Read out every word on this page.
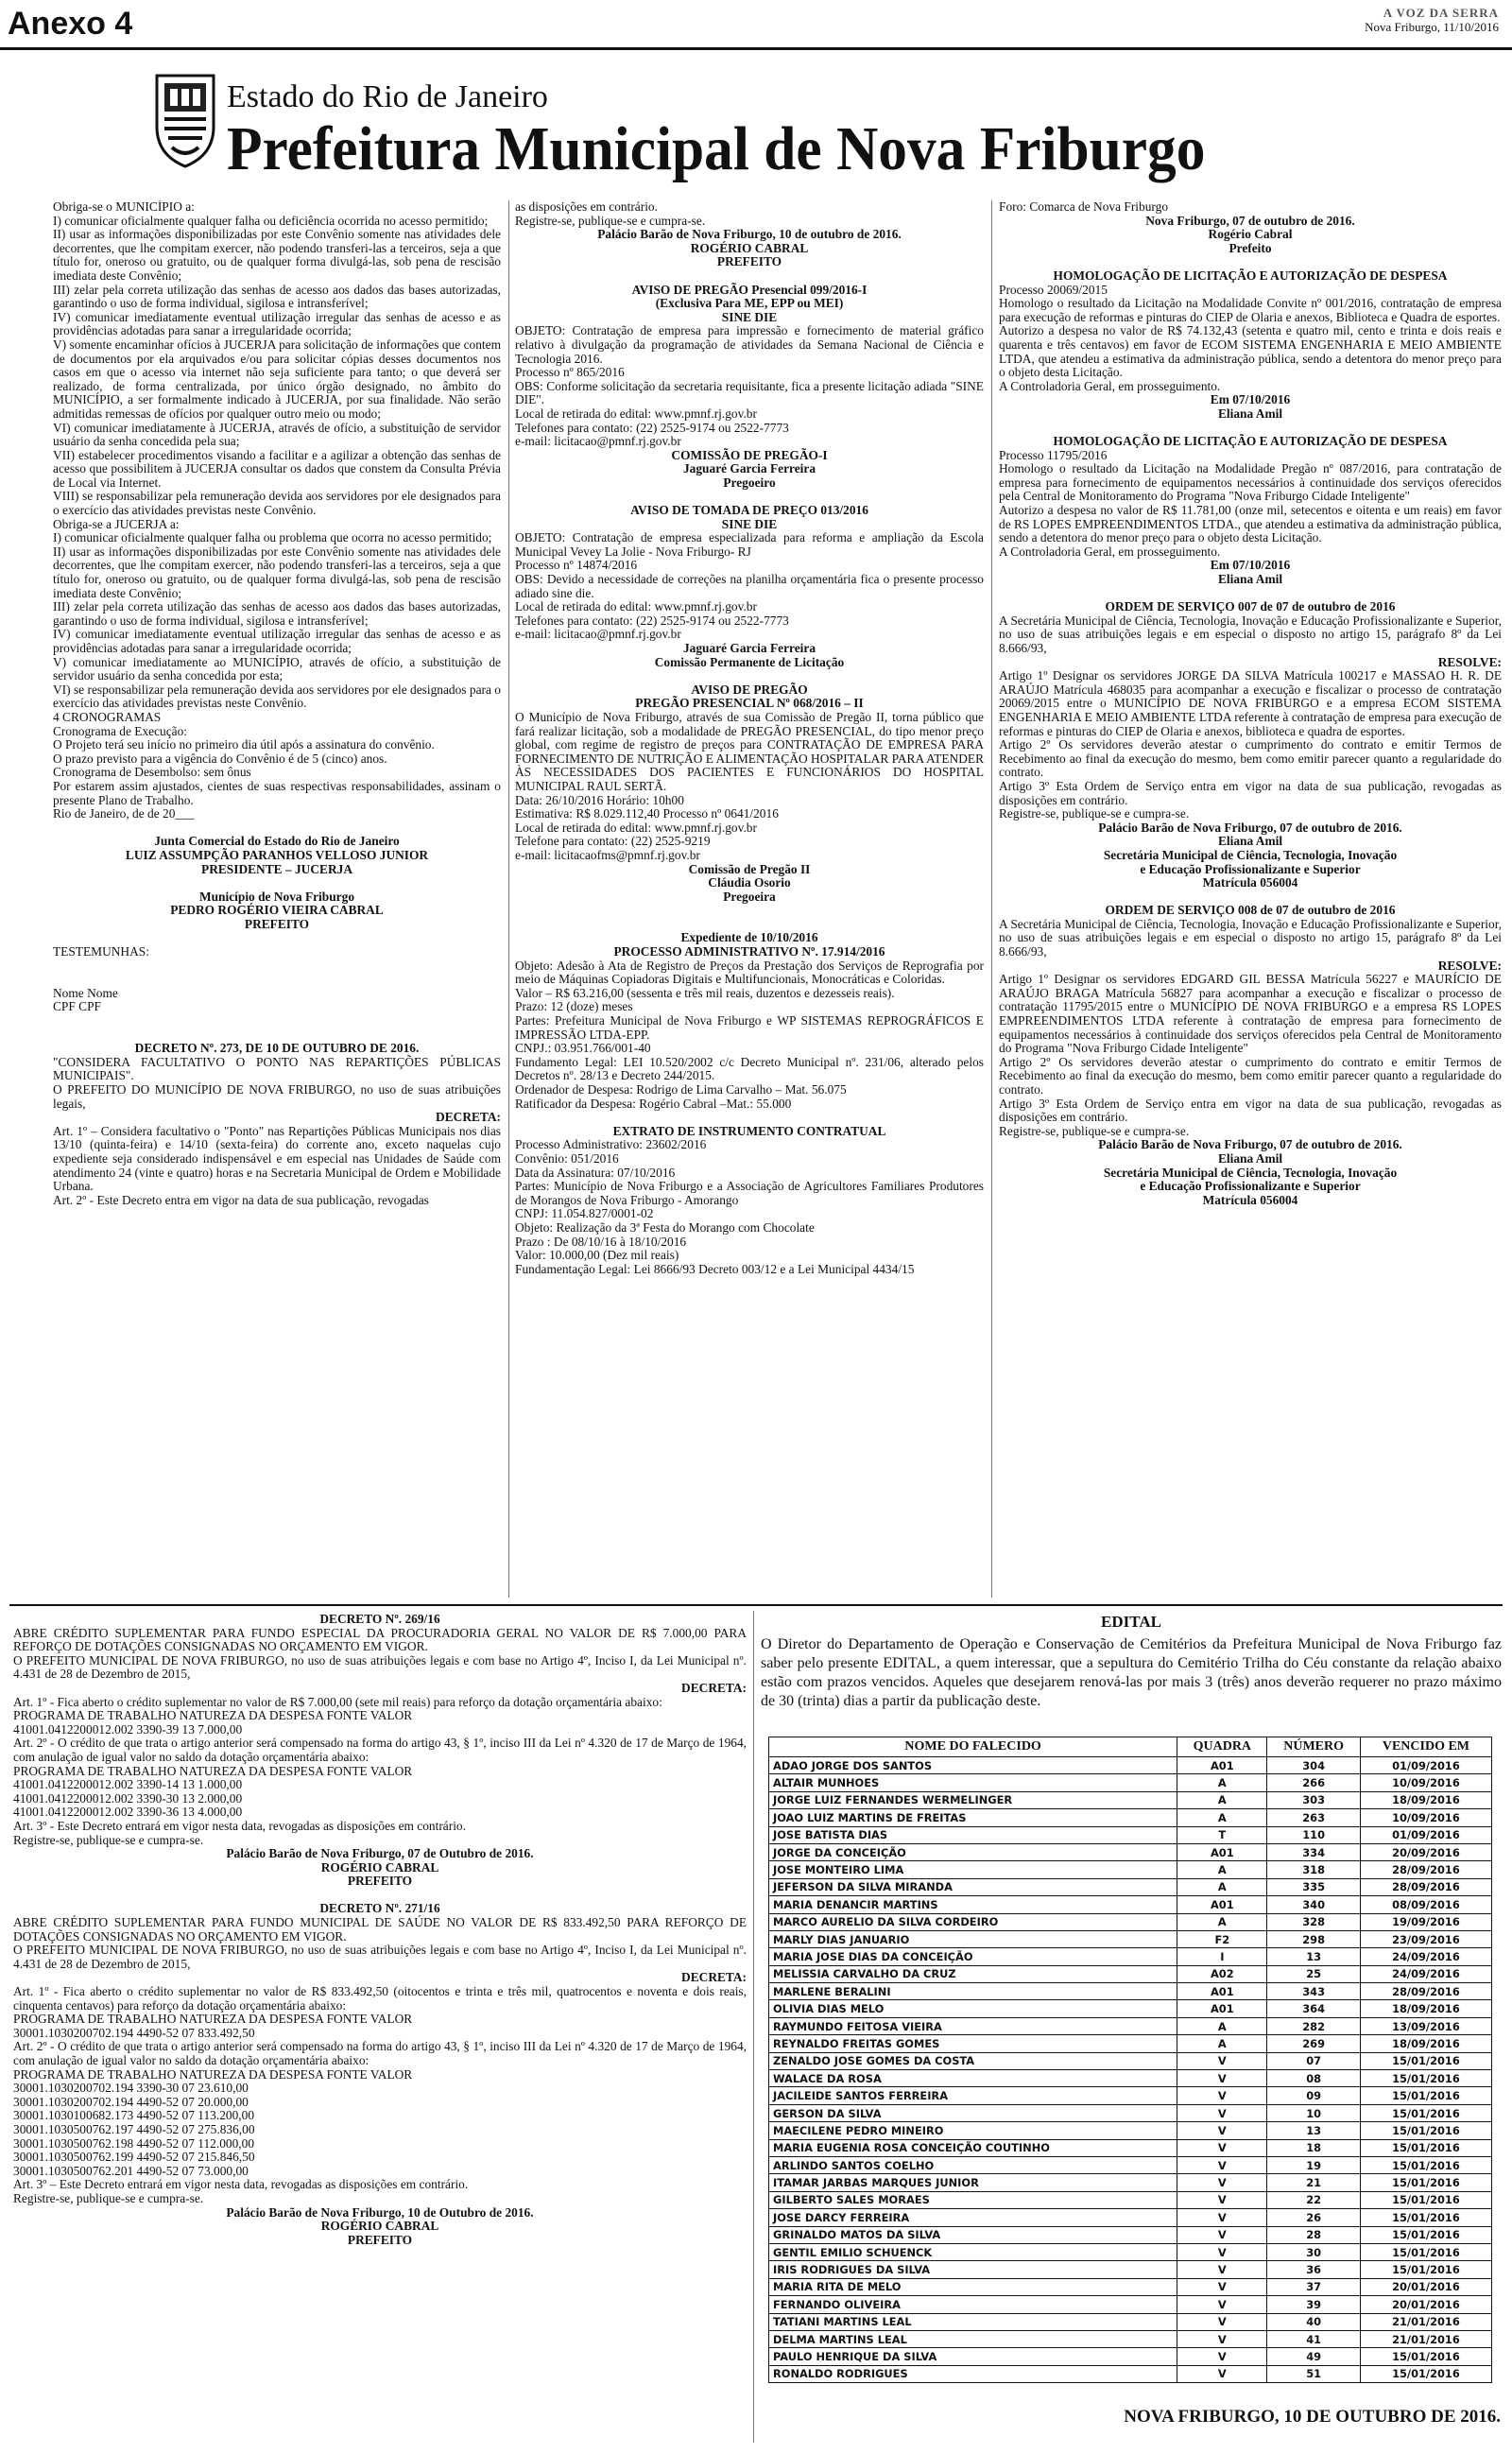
Anexo 4	A VOZ DA SERRA
Nova Friburgo, 11/10/2016
Estado do Rio de Janeiro
Prefeitura Municipal de Nova Friburgo
Obriga-se o MUNICÍPIO a:
I) comunicar oficialmente qualquer falha ou deficiência ocorrida no acesso permitido;
II) usar as informações disponibilizadas por este Convênio somente nas atividades dele decorrentes, que lhe compitam exercer, não podendo transferi-las a terceiros, seja a que título for, oneroso ou gratuito, ou de qualquer forma divulgá-las, sob pena de rescisão imediata deste Convênio;
III) zelar pela correta utilização das senhas de acesso aos dados das bases autorizadas, garantindo o uso de forma individual, sigilosa e intransferível;
IV) comunicar imediatamente eventual utilização irregular das senhas de acesso e as providências adotadas para sanar a irregularidade ocorrida;
V) somente encaminhar ofícios à JUCERJA para solicitação de informações que contem de documentos por ela arquivados e/ou para solicitar cópias desses documentos nos casos em que o acesso via internet não seja suficiente para tanto; o que deverá ser realizado, de forma centralizada, por único órgão designado, no âmbito do MUNICÍPIO, a ser formalmente indicado à JUCERJA, por sua finalidade. Não serão admitidas remessas de ofícios por qualquer outro meio ou modo;
VI) comunicar imediatamente à JUCERJA, através de ofício, a substituição de servidor usuário da senha concedida pela sua;
VII) estabelecer procedimentos visando a facilitar e a agilizar a obtenção das senhas de acesso que possibilitem à JUCERJA consultar os dados que constem da Consulta Prévia de Local via Internet.
VIII) se responsabilizar pela remuneração devida aos servidores por ele designados para o exercício das atividades previstas neste Convênio.
Obriga-se a JUCERJA a:
I) comunicar oficialmente qualquer falha ou problema que ocorra no acesso permitido;
II) usar as informações disponibilizadas por este Convênio somente nas atividades dele decorrentes, que lhe compitam exercer, não podendo transferi-las a terceiros, seja a que título for, oneroso ou gratuito, ou de qualquer forma divulgá-las, sob pena de rescisão imediata deste Convênio;
III) zelar pela correta utilização das senhas de acesso aos dados das bases autorizadas, garantindo o uso de forma individual, sigilosa e intransferível;
IV) comunicar imediatamente eventual utilização irregular das senhas de acesso e as providências adotadas para sanar a irregularidade ocorrida;
V) comunicar imediatamente ao MUNICÍPIO, através de ofício, a substituição de servidor usuário da senha concedida por esta;
VI) se responsabilizar pela remuneração devida aos servidores por ele designados para o exercício das atividades previstas neste Convênio.
4 CRONOGRAMAS
Cronograma de Execução:
O Projeto terá seu início no primeiro dia útil após a assinatura do convênio.
O prazo previsto para a vigência do Convênio é de 5 (cinco) anos.
Cronograma de Desembolso: sem ônus
Por estarem assim ajustados, cientes de suas respectivas responsabilidades, assinam o presente Plano de Trabalho.
Rio de Janeiro, de de 20___
Junta Comercial do Estado do Rio de Janeiro
LUIZ ASSUMPÇÃO PARANHOS VELLOSO JUNIOR
PRESIDENTE – JUCERJA
Município de Nova Friburgo
PEDRO ROGÉRIO VIEIRA CABRAL
PREFEITO
TESTEMUNHAS:
Nome Nome
CPF CPF
DECRETO Nº. 273, DE 10 DE OUTUBRO DE 2016.
"CONSIDERA FACULTATIVO O PONTO NAS REPARTIÇÕES PÚBLICAS MUNICIPAIS".
O PREFEITO DO MUNICÍPIO DE NOVA FRIBURGO, no uso de suas atribuições legais,
DECRETA:
Art. 1º – Considera facultativo o "Ponto" nas Repartições Públicas Municipais nos dias 13/10 (quinta-feira) e 14/10 (sexta-feira) do corrente ano, exceto naquelas cujo expediente seja considerado indispensável e em especial nas Unidades de Saúde com atendimento 24 (vinte e quatro) horas e na Secretaria Municipal de Ordem e Mobilidade Urbana.
Art. 2º - Este Decreto entra em vigor na data de sua publicação, revogadas
as disposições em contrário.
Registre-se, publique-se e cumpra-se.
Palácio Barão de Nova Friburgo, 10 de outubro de 2016.
ROGÉRIO CABRAL
PREFEITO
AVISO DE PREGÃO Presencial 099/2016-I
(Exclusiva Para ME, EPP ou MEI)
SINE DIE
OBJETO: Contratação de empresa para impressão e fornecimento de material gráfico relativo à divulgação da programação de atividades da Semana Nacional de Ciência e Tecnologia 2016.
Processo nº 865/2016
OBS: Conforme solicitação da secretaria requisitante, fica a presente licitação adiada "SINE DIE".
Local de retirada do edital: www.pmnf.rj.gov.br
Telefones para contato: (22) 2525-9174 ou 2522-7773
e-mail: licitacao@pmnf.rj.gov.br
COMISSÃO DE PREGÃO-I
Jaguaré Garcia Ferreira
Pregoeiro
AVISO DE TOMADA DE PREÇO 013/2016
SINE DIE
OBJETO: Contratação de empresa especializada para reforma e ampliação da Escola Municipal Vevey La Jolie - Nova Friburgo- RJ
Processo nº 14874/2016
OBS: Devido a necessidade de correções na planilha orçamentária fica o presente processo adiado sine die.
Local de retirada do edital: www.pmnf.rj.gov.br
Telefones para contato: (22) 2525-9174 ou 2522-7773
e-mail: licitacao@pmnf.rj.gov.br
Jaguaré Garcia Ferreira
Comissão Permanente de Licitação
AVISO DE PREGÃO
PREGÃO PRESENCIAL Nº 068/2016 – II
O Município de Nova Friburgo, através de sua Comissão de Pregão II, torna público que fará realizar licitação, sob a modalidade de PREGÃO PRESENCIAL, do tipo menor preço global, com regime de registro de preços para CONTRATAÇÃO DE EMPRESA PARA FORNECIMENTO DE NUTRIÇÃO E ALIMENTAÇÃO HOSPITALAR PARA ATENDER ÀS NECESSIDADES DOS PACIENTES E FUNCIONÁRIOS DO HOSPITAL MUNICIPAL RAUL SERTÃ.
Data: 26/10/2016 Horário: 10h00
Estimativa: R$ 8.029.112,40 Processo nº 0641/2016
Local de retirada do edital: www.pmnf.rj.gov.br
Telefone para contato: (22) 2525-9219
e-mail: licitacaofms@pmnf.rj.gov.br
Comissão de Pregão II
Cláudia Osorio
Pregoeira
Expediente de 10/10/2016
PROCESSO ADMINISTRATIVO Nº. 17.914/2016
Objeto: Adesão à Ata de Registro de Preços da Prestação dos Serviços de Reprografia por meio de Máquinas Copiadoras Digitais e Multifuncionais, Monocráticas e Coloridas.
Valor – R$ 63.216,00 (sessenta e três mil reais, duzentos e dezesseis reais).
Prazo: 12 (doze) meses
Partes: Prefeitura Municipal de Nova Friburgo e WP SISTEMAS REPROGRÁFICOS E IMPRESSÃO LTDA-EPP.
CNPJ.: 03.951.766/001-40
Fundamento Legal: LEI 10.520/2002 c/c Decreto Municipal nº. 231/06, alterado pelos Decretos nº. 28/13 e Decreto 244/2015.
Ordenador de Despesa: Rodrigo de Lima Carvalho – Mat. 56.075
Ratificador da Despesa: Rogério Cabral –Mat.: 55.000
EXTRATO DE INSTRUMENTO CONTRATUAL
Processo Administrativo: 23602/2016
Convênio: 051/2016
Data da Assinatura: 07/10/2016
Partes: Município de Nova Friburgo e a Associação de Agricultores Familiares Produtores de Morangos de Nova Friburgo - Amorango
CNPJ: 11.054.827/0001-02
Objeto: Realização da 3ª Festa do Morango com Chocolate
Prazo : De 08/10/16 à 18/10/2016
Valor: 10.000,00 (Dez mil reais)
Fundamentação Legal: Lei 8666/93 Decreto 003/12 e a Lei Municipal 4434/15
Foro: Comarca de Nova Friburgo
Nova Friburgo, 07 de outubro de 2016.
Rogério Cabral
Prefeito
HOMOLOGAÇÃO DE LICITAÇÃO E AUTORIZAÇÃO DE DESPESA
Processo 20069/2015
Homologo o resultado da Licitação na Modalidade Convite nº 001/2016, contratação de empresa para execução de reformas e pinturas do CIEP de Olaria e anexos, Biblioteca e Quadra de esportes.
Autorizo a despesa no valor de R$ 74.132,43 (setenta e quatro mil, cento e trinta e dois reais e quarenta e três centavos) em favor de ECOM SISTEMA ENGENHARIA E MEIO AMBIENTE LTDA, que atendeu a estimativa da administração pública, sendo a detentora do menor preço para o objeto desta Licitação.
A Controladoria Geral, em prosseguimento.
Em 07/10/2016
Eliana Amil
HOMOLOGAÇÃO DE LICITAÇÃO E AUTORIZAÇÃO DE DESPESA
Processo 11795/2016
Homologo o resultado da Licitação na Modalidade Pregão nº 087/2016, para contratação de empresa para fornecimento de equipamentos necessários à continuidade dos serviços oferecidos pela Central de Monitoramento do Programa "Nova Friburgo Cidade Inteligente"
Autorizo a despesa no valor de R$ 11.781,00 (onze mil, setecentos e oitenta e um reais) em favor de RS LOPES EMPREENDIMENTOS LTDA., que atendeu a estimativa da administração pública, sendo a detentora do menor preço para o objeto desta Licitação.
A Controladoria Geral, em prosseguimento.
Em 07/10/2016
Eliana Amil
ORDEM DE SERVIÇO 007 de 07 de outubro de 2016
A Secretária Municipal de Ciência, Tecnologia, Inovação e Educação Profissionalizante e Superior, no uso de suas atribuições legais e em especial o disposto no artigo 15, parágrafo 8º da Lei 8.666/93,
RESOLVE:
Artigo 1º Designar os servidores JORGE DA SILVA Matrícula 100217 e MASSAO H. R. DE ARAÚJO Matrícula 468035 para acompanhar a execução e fiscalizar o processo de contratação 20069/2015 entre o MUNICÍPIO DE NOVA FRIBURGO e a empresa ECOM SISTEMA ENGENHARIA E MEIO AMBIENTE LTDA referente à contratação de empresa para execução de reformas e pinturas do CIEP de Olaria e anexos, biblioteca e quadra de esportes.
Artigo 2º Os servidores deverão atestar o cumprimento do contrato e emitir Termos de Recebimento ao final da execução do mesmo, bem como emitir parecer quanto a regularidade do contrato.
Artigo 3º Esta Ordem de Serviço entra em vigor na data de sua publicação, revogadas as disposições em contrário.
Registre-se, publique-se e cumpra-se.
Palácio Barão de Nova Friburgo, 07 de outubro de 2016.
Eliana Amil
Secretária Municipal de Ciência, Tecnologia, Inovação
e Educação Profissionalizante e Superior
Matrícula 056004
ORDEM DE SERVIÇO 008 de 07 de outubro de 2016
A Secretária Municipal de Ciência, Tecnologia, Inovação e Educação Profissionalizante e Superior, no uso de suas atribuições legais e em especial o disposto no artigo 15, parágrafo 8º da Lei 8.666/93,
RESOLVE:
Artigo 1º Designar os servidores EDGARD GIL BESSA Matrícula 56227 e MAURÍCIO DE ARAÚJO BRAGA Matrícula 56827 para acompanhar a execução e fiscalizar o processo de contratação 11795/2015 entre o MUNICÍPIO DE NOVA FRIBURGO e a empresa RS LOPES EMPREENDIMENTOS LTDA referente à contratação de empresa para fornecimento de equipamentos necessários à continuidade dos serviços oferecidos pela Central de Monitoramento do Programa "Nova Friburgo Cidade Inteligente"
Artigo 2º Os servidores deverão atestar o cumprimento do contrato e emitir Termos de Recebimento ao final da execução do mesmo, bem como emitir parecer quanto a regularidade do contrato.
Artigo 3º Esta Ordem de Serviço entra em vigor na data de sua publicação, revogadas as disposições em contrário.
Registre-se, publique-se e cumpra-se.
Palácio Barão de Nova Friburgo, 07 de outubro de 2016.
Eliana Amil
Secretária Municipal de Ciência, Tecnologia, Inovação
e Educação Profissionalizante e Superior
Matrícula 056004
DECRETO Nº. 269/16
ABRE CRÉDITO SUPLEMENTAR PARA FUNDO ESPECIAL DA PROCURADORIA GERAL NO VALOR DE R$ 7.000,00 PARA REFORÇO DE DOTAÇÕES CONSIGNADAS NO ORÇAMENTO EM VIGOR.
O PREFEITO MUNICIPAL DE NOVA FRIBURGO, no uso de suas atribuições legais e com base no Artigo 4º, Inciso I, da Lei Municipal nº. 4.431 de 28 de Dezembro de 2015,
DECRETA:
Art. 1º - Fica aberto o crédito suplementar no valor de R$ 7.000,00 (sete mil reais) para reforço da dotação orçamentária abaixo:
PROGRAMA DE TRABALHO NATUREZA DA DESPESA FONTE VALOR
41001.0412200012.002 3390-39 13 7.000,00
Art. 2º - O crédito de que trata o artigo anterior será compensado na forma do artigo 43, § 1º, inciso III da Lei nº 4.320 de 17 de Março de 1964, com anulação de igual valor no saldo da dotação orçamentária abaixo:
PROGRAMA DE TRABALHO NATUREZA DA DESPESA FONTE VALOR
41001.0412200012.002 3390-14 13 1.000,00
41001.0412200012.002 3390-30 13 2.000,00
41001.0412200012.002 3390-36 13 4.000,00
Art. 3º - Este Decreto entrará em vigor nesta data, revogadas as disposições em contrário.
Registre-se, publique-se e cumpra-se.
Palácio Barão de Nova Friburgo, 07 de Outubro de 2016.
ROGÉRIO CABRAL
PREFEITO
DECRETO Nº. 271/16
ABRE CRÉDITO SUPLEMENTAR PARA FUNDO MUNICIPAL DE SAÚDE NO VALOR DE R$ 833.492,50 PARA REFORÇO DE DOTAÇÕES CONSIGNADAS NO ORÇAMENTO EM VIGOR.
O PREFEITO MUNICIPAL DE NOVA FRIBURGO, no uso de suas atribuições legais e com base no Artigo 4º, Inciso I, da Lei Municipal nº. 4.431 de 28 de Dezembro de 2015,
DECRETA:
Art. 1º - Fica aberto o crédito suplementar no valor de R$ 833.492,50 (oitocentos e trinta e três mil, quatrocentos e noventa e dois reais, cinquenta centavos) para reforço da dotação orçamentária abaixo:
PROGRAMA DE TRABALHO NATUREZA DA DESPESA FONTE VALOR
30001.1030200702.194 4490-52 07 833.492,50
Art. 2º - O crédito de que trata o artigo anterior será compensado na forma do artigo 43, § 1º, inciso III da Lei nº 4.320 de 17 de Março de 1964, com anulação de igual valor no saldo da dotação orçamentária abaixo:
PROGRAMA DE TRABALHO NATUREZA DA DESPESA FONTE VALOR
30001.1030200702.194 3390-30 07 23.610,00
30001.1030200702.194 4490-52 07 20.000,00
30001.1030100682.173 4490-52 07 113.200,00
30001.1030500762.197 4490-52 07 275.836,00
30001.1030500762.198 4490-52 07 112.000,00
30001.1030500762.199 4490-52 07 215.846,50
30001.1030500762.201 4490-52 07 73.000,00
Art. 3º – Este Decreto entrará em vigor nesta data, revogadas as disposições em contrário.
Registre-se, publique-se e cumpra-se.
Palácio Barão de Nova Friburgo, 10 de Outubro de 2016.
ROGÉRIO CABRAL
PREFEITO
EDITAL
O Diretor do Departamento de Operação e Conservação de Cemitérios da Prefeitura Municipal de Nova Friburgo faz saber pelo presente EDITAL, a quem interessar, que a sepultura do Cemitério Trilha do Céu constante da relação abaixo estão com prazos vencidos. Aqueles que desejarem renová-las por mais 3 (três) anos deverão requerer no prazo máximo de 30 (trinta) dias a partir da publicação deste.
NOME DO FALECIDO	QUADRA	NÚMERO	VENCIDO EM
ADAO JORGE DOS SANTOS	A01	304	01/09/2016
ALTAIR MUNHOES	A	266	10/09/2016
JORGE LUIZ FERNANDES WERMELINGER	A	303	18/09/2016
JOAO LUIZ MARTINS DE FREITAS	A	263	10/09/2016
JOSE BATISTA DIAS	T	110	01/09/2016
JORGE DA CONCEIÇÃO	A01	334	20/09/2016
JOSE MONTEIRO LIMA	A	318	28/09/2016
JEFERSON DA SILVA MIRANDA	A	335	28/09/2016
MARIA DENANCIR MARTINS	A01	340	08/09/2016
MARCO AURELIO DA SILVA CORDEIRO	A	328	19/09/2016
MARLY DIAS JANUARIO	F2	298	23/09/2016
MARIA JOSE DIAS DA CONCEIÇÃO	I	13	24/09/2016
MELISSIA CARVALHO DA CRUZ	A02	25	24/09/2016
MARLENE BERALINI	A01	343	28/09/2016
OLIVIA DIAS MELO	A01	364	18/09/2016
RAYMUNDO FEITOSA VIEIRA	A	282	13/09/2016
REYNALDO FREITAS GOMES	A	269	18/09/2016
ZENALDO JOSE GOMES DA COSTA	V	07	15/01/2016
WALACE DA ROSA	V	08	15/01/2016
JACILEIDE SANTOS FERREIRA	V	09	15/01/2016
GERSON DA SILVA	V	10	15/01/2016
MAECILENE PEDRO MINEIRO	V	13	15/01/2016
MARIA EUGENIA ROSA CONCEIÇÃO COUTINHO	V	18	15/01/2016
ARLINDO SANTOS COELHO	V	19	15/01/2016
ITAMAR JARBAS MARQUES JUNIOR	V	21	15/01/2016
GILBERTO SALES MORAES	V	22	15/01/2016
JOSE DARCY FERREIRA	V	26	15/01/2016
GRINALDO MATOS DA SILVA	V	28	15/01/2016
GENTIL EMILIO SCHUENCK	V	30	15/01/2016
IRIS RODRIGUES DA SILVA	V	36	15/01/2016
MARIA RITA DE MELO	V	37	20/01/2016
FERNANDO OLIVEIRA	V	39	20/01/2016
TATIANI MARTINS LEAL	V	40	21/01/2016
DELMA MARTINS LEAL	V	41	21/01/2016
PAULO HENRIQUE DA SILVA	V	49	15/01/2016
RONALDO RODRIGUES	V	51	15/01/2016
NOVA FRIBURGO, 10 DE OUTUBRO DE 2016.
